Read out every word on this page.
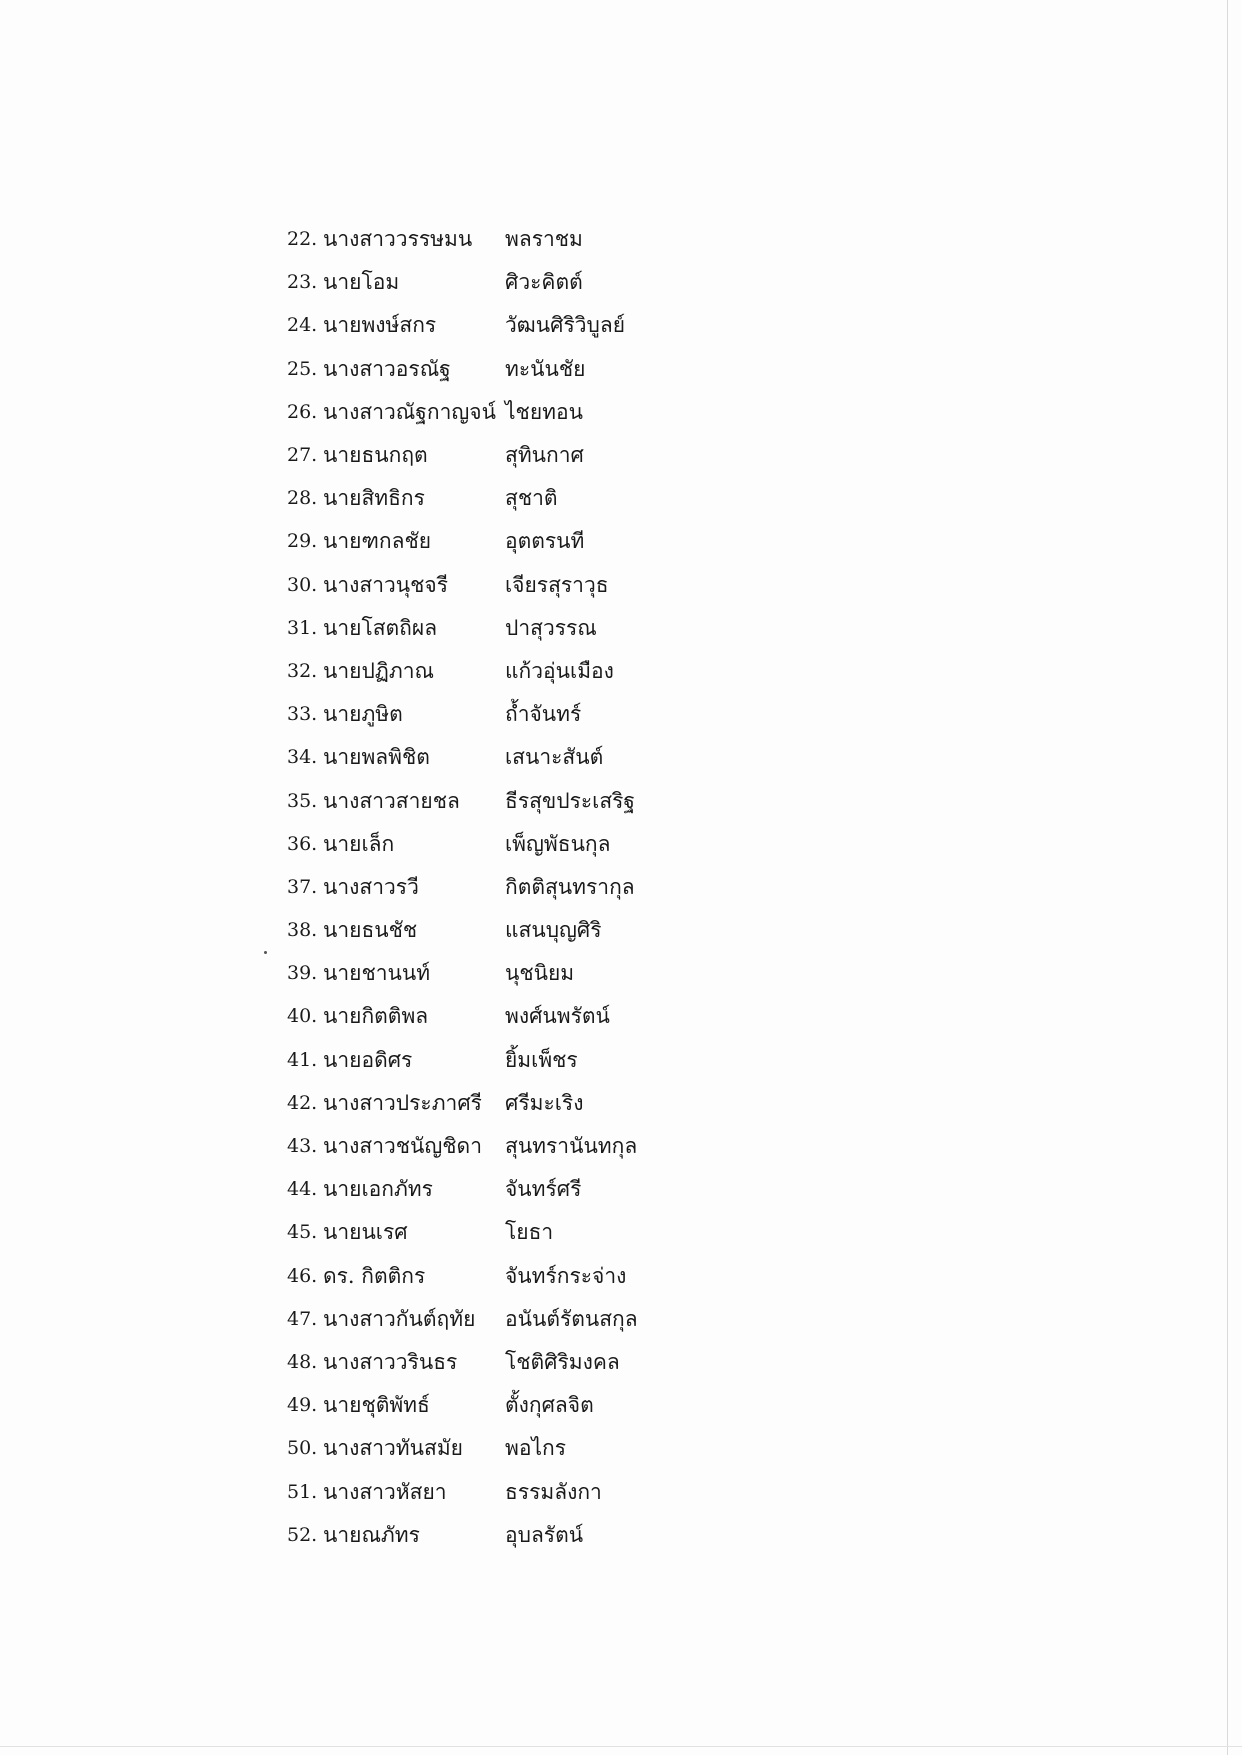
22. นางสาววรรษมน	พลราชม
23. นายโอม	ศิวะคิตต์
24. นายพงษ์สกร	วัฒนศิริวิบูลย์
25. นางสาวอรณัฐ	ทะนันชัย
26. นางสาวณัฐกาญจน์ ไชยทอน
27. นายธนกฤต	สุทินกาศ
28. นายสิทธิกร	สุชาติ
29. นายฑกลชัย	อุตตรนที
30. นางสาวนุชจรี	เจียรสุราวุธ
31. นายโสตถิผล	ปาสุวรรณ
32. นายปฏิภาณ	แก้วอุ่นเมือง
33. นายภูษิต	ถ้ำจันทร์
34. นายพลพิชิต	เสนาะสันต์
35. นางสาวสายชล	ธีรสุขประเสริฐ
36. นายเล็ก	เพ็ญพัธนกุล
37. นางสาวรวี	กิตติสุนทรากุล
38. นายธนชัช	แสนบุญศิริ
39. นายชานนท์	นุชนิยม
40. นายกิตติพล	พงศ์นพรัตน์
41. นายอดิศร	ยิ้มเพ็ชร
42. นางสาวประภาศรี	ศรีมะเริง
43. นางสาวชนัญชิดา	สุนทรานันทกุล
44. นายเอกภัทร	จันทร์ศรี
45. นายนเรศ	โยธา
46. ดร. กิตติกร	จันทร์กระจ่าง
47. นางสาวกันต์ฤทัย	อนันต์รัตนสกุล
48. นางสาววรินธร	โชติศิริมงคล
49. นายชุติพัทธ์	ตั้งกุศลจิต
50. นางสาวทันสมัย	พอไกร
51. นางสาวหัสยา	ธรรมลังกา
52. นายณภัทร	อุบลรัตน์
